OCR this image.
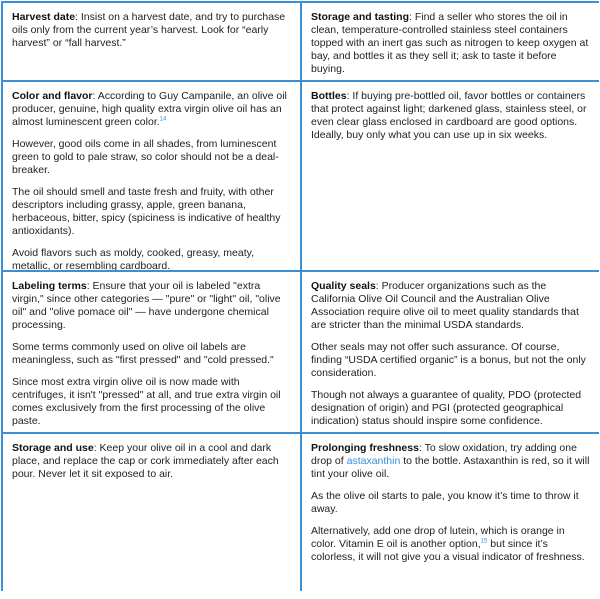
Harvest date: Insist on a harvest date, and try to purchase oils only from the current year’s harvest. Look for “early harvest” or “fall harvest.”

Storage and tasting: Find a seller who stores the oil in clean, temperature-controlled stainless steel containers topped with an inert gas such as nitrogen to keep oxygen at bay, and bottles it as they sell it; ask to taste it before buying.

Color and flavor: According to Guy Campanile, an olive oil producer, genuine, high quality extra virgin olive oil has an almost luminescent green color.$^{14}$

However, good oils come in all shades, from luminescent green to gold to pale straw, so color should not be a deal-breaker.

The oil should smell and taste fresh and fruity, with other descriptors including grassy, apple, green banana, herbaceous, bitter, spicy (spiciness is indicative of healthy antioxidants).

Avoid flavors such as moldy, cooked, greasy, meaty, metallic, or resembling cardboard.

Bottles: If buying pre-bottled oil, favor bottles or containers that protect against light; darkened glass, stainless steel, or even clear glass enclosed in cardboard are good options. Ideally, buy only what you can use up in six weeks.

Labeling terms: Ensure that your oil is labeled "extra virgin," since other categories — "pure" or "light" oil, "olive oil" and "olive pomace oil" — have undergone chemical processing.

Some terms commonly used on olive oil labels are meaningless, such as "first pressed" and "cold pressed."

Since most extra virgin olive oil is now made with centrifuges, it isn't "pressed" at all, and true extra virgin oil comes exclusively from the first processing of the olive paste.

Quality seals: Producer organizations such as the California Olive Oil Council and the Australian Olive Association require olive oil to meet quality standards that are stricter than the minimal USDA standards.

Other seals may not offer such assurance. Of course, finding “USDA certified organic” is a bonus, but not the only consideration.

Though not always a guarantee of quality, PDO (protected designation of origin) and PGI (protected geographical indication) status should inspire some confidence.

Storage and use: Keep your olive oil in a cool and dark place, and replace the cap or cork immediately after each pour. Never let it sit exposed to air.

Prolonging freshness: To slow oxidation, try adding one drop of astaxanthin to the bottle. Astaxanthin is red, so it will tint your olive oil.

As the olive oil starts to pale, you know it’s time to throw it away.

Alternatively, add one drop of lutein, which is orange in color. Vitamin E oil is another option,$^{15}$ but since it’s colorless, it will not give you a visual indicator of freshness.
